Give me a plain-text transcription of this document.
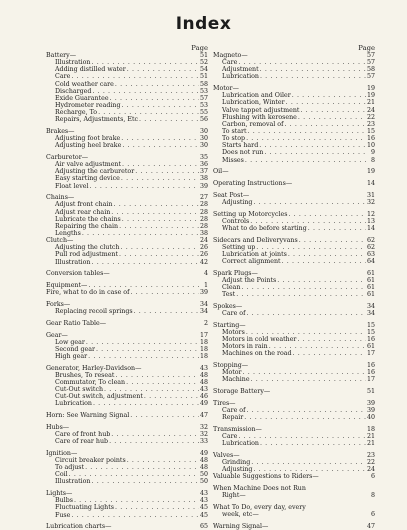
Index
Page
Battery—	51
Illustration . . .	52
Adding distilled water . . .	54
Care . . .	51
Cold weather care . . .	58
Discharged . . .	53
Exide Guarantee . . .	57
Hydrometer reading . . .	53
Recharge, To . . .	55
Repairs, Adjustments, Etc . . .	56
Brakes—	30
Adjusting foot brake . . .	30
Adjusting heel brake . . .	30
Carburetor—	35
Air valve adjustment . . .	36
Adjusting the carburetor . . .	37
Easy starting device . . .	38
Float level . . .	39
Chains—	27
Adjust front chain . . .	28
Adjust rear chain . . .	28
Lubricate the chains . . .	28
Repairing the chain . . .	28
Lengths . . .	38
Clutch—	24
Adjusting the clutch . . .	26
Pull rod adjustment . . .	26
Illustration . . .	42
Conversion tables—	4
Equipment— . . .	1
Fire, what to do in case of . . .	39
Forks—	34
Replacing recoil springs . . .	34
Gear Ratio Table—	2
Gear—	17
Low gear . . .	18
Second gear . . .	18
High gear . . .	18
Generator, Harley-Davidson—	43
Brushes, To reseat . . .	48
Commutator, To clean . . .	48
Cut-Out switch . . .	43
Cut-Out switch, adjustment . . .	46
Lubrication . . .	49
Horn: See Warning Signal . . .	47
Hubs—	32
Care of front hub . . .	32
Care of rear hub . . .	33
Ignition—	49
Circuit breaker points . . .	48
To adjust . . .	48
Coil . . .	50
Illustration . . .	50
Lights—	43
Bulbs . . .	43
Fluctuating Lights . . .	45
Fuse . . .	45
Lubrication charts—	65
Page
Magneto—	57
Care . . .	57
Adjustment . . .	58
Lubrication . . .	57
Motor—	19
Lubrication and Oiler . . .	19
Lubrication, Winter . . .	21
Valve tappet adjustment . . .	24
Flushing with kerosene . . .	22
Carbon, removal of . . .	23
To start . . .	15
To stop . . .	16
Starts hard . . .	10
Does not run . . .	9
Misses . . .	8
Oil—	19
Operating Instructions—	14
Seat Post—	31
Adjusting . . .	32
Setting up Motorcycles . . .	12
Controls . . .	13
What to do before starting . . .	14
Sidecars and Deliveryvans . . .	62
Setting up . . .	62
Lubrication at joints . . .	63
Correct alignment . . .	64
Spark Plugs—	61
Adjust the Points . . .	61
Clean . . .	61
Test . . .	61
Spokes—	34
Care of . . .	34
Starting—	15
Motors . . .	15
Motors in cold weather . . .	16
Motors in rain . . .	61
Machines on the road . . .	17
Stopping—	16
Motor . . .	16
Machine . . .	17
Storage Battery—	51
Tires—	39
Care of . . .	39
Repair . . .	40
Transmission—	18
Care . . .	21
Lubrication . . .	21
Valves—	23
Grinding . . .	22
Adjusting . . .	24
Valuable Suggestions to Riders—	6
When Machine Does not Run
Right—	8
What To Do, every day, every
week, etc—	6
Warning Signal—	47
